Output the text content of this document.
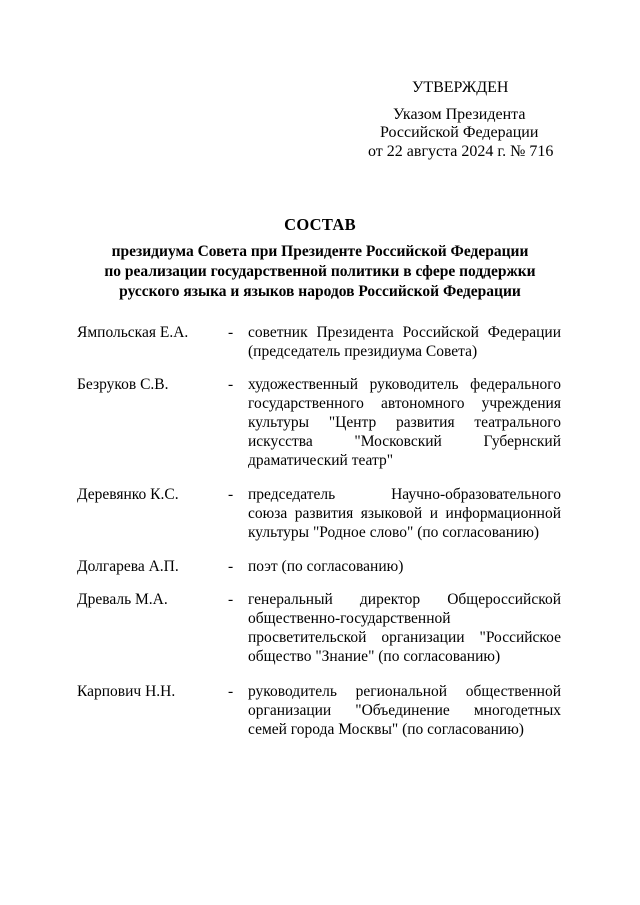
УТВЕРЖДЕН
Указом Президента
Российской Федерации
от 22 августа 2024 г. № 716
СОСТАВ
президиума Совета при Президенте Российской Федерации
по реализации государственной политики в сфере поддержки
русского языка и языков народов Российской Федерации
Ямпольская Е.А.	- советник Президента Российской Федерации
(председатель президиума Совета)
Безруков С.В.	- художественный руководитель федерального
государственного автономного учреждения
культуры "Центр развития театрального
искусства "Московский Губернский
драматический театр"
Деревянко К.С.	- председатель Научно-образовательного
союза развития языковой и информационной
культуры "Родное слово" (по согласованию)
Долгарева А.П.	- поэт (по согласованию)
Древаль М.А.	- генеральный директор Общероссийской
общественно-государственной
просветительской организации "Российское
общество "Знание" (по согласованию)
Карпович Н.Н.	- руководитель региональной общественной
организации "Объединение многодетных
семей города Москвы" (по согласованию)
